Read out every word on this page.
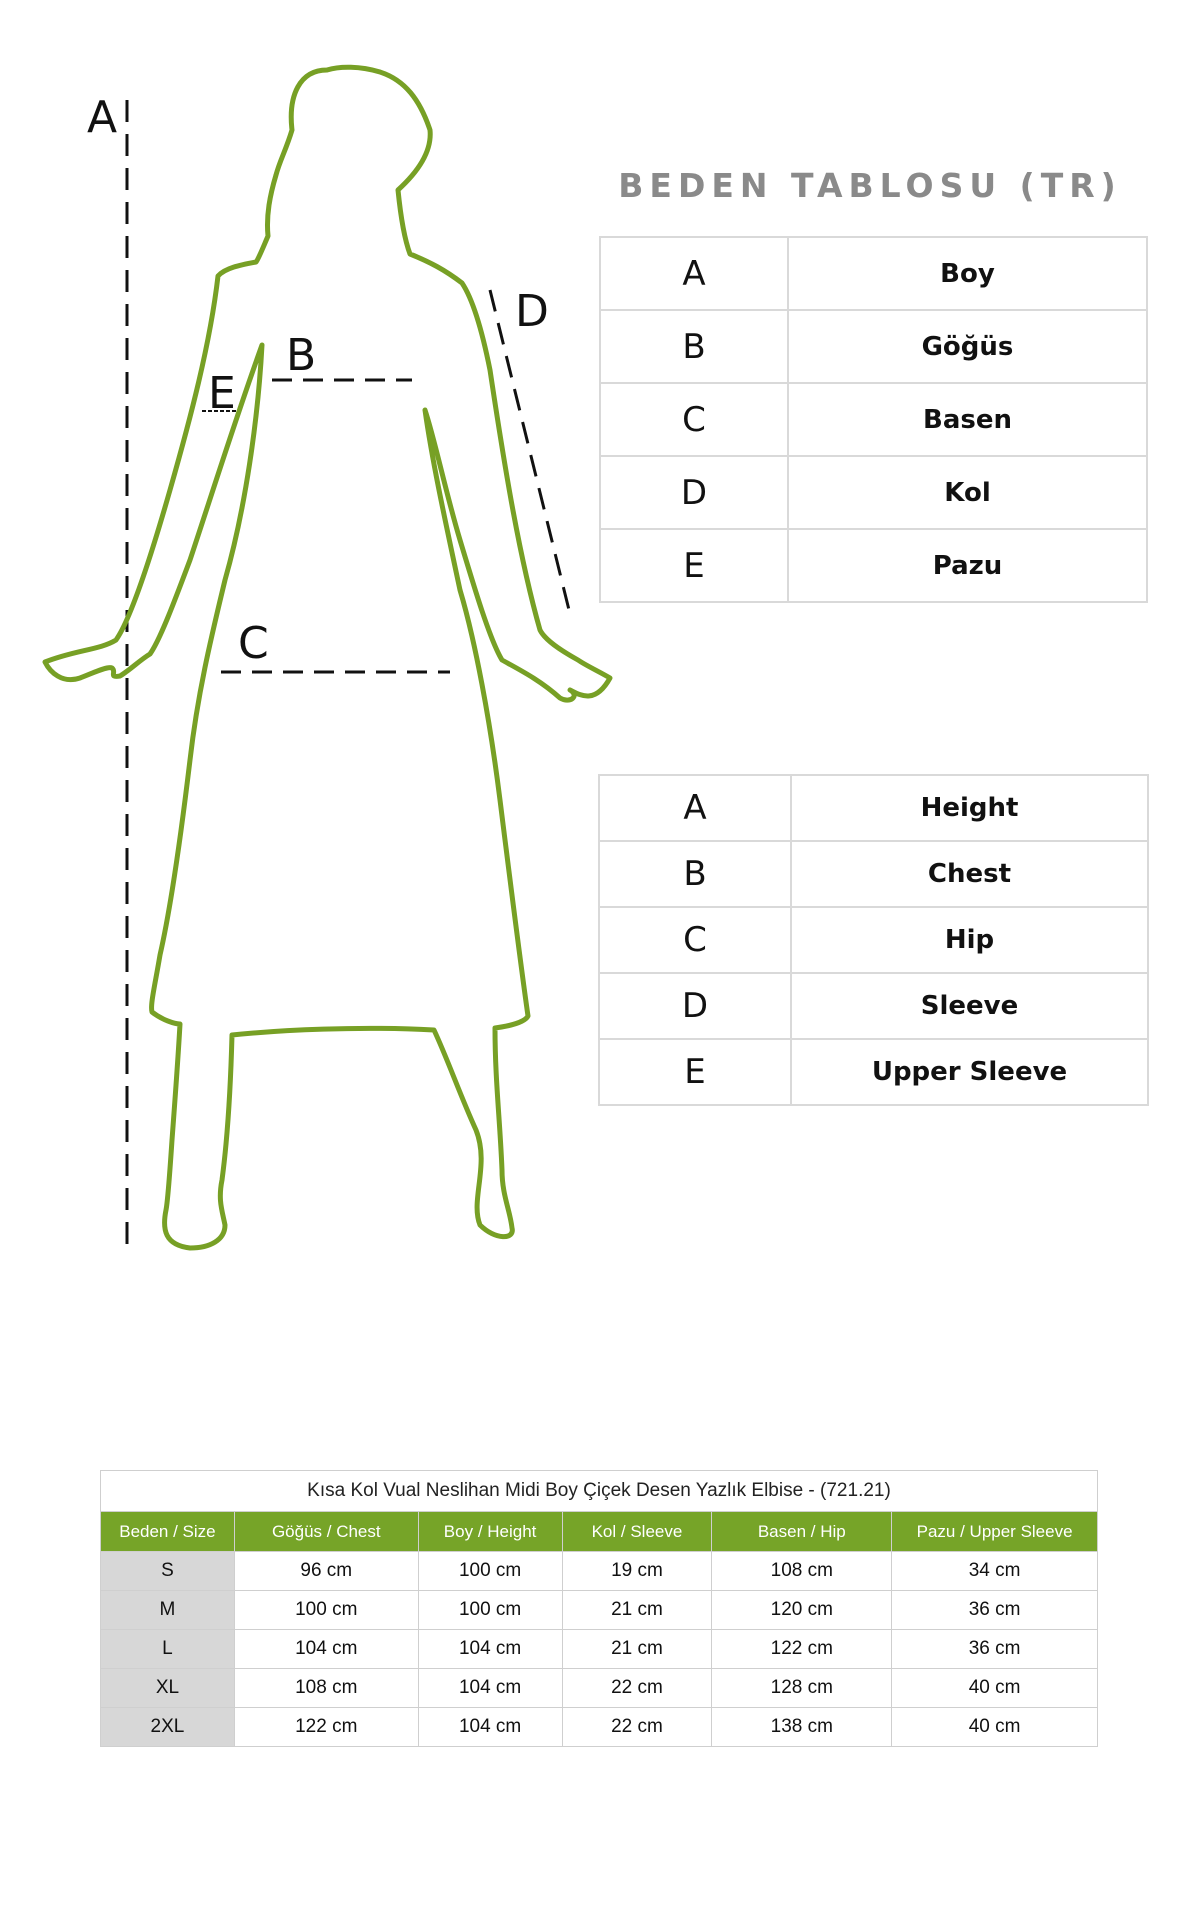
A
B
C
D
E
BEDEN TABLOSU (TR)
A	Boy
B	Göğüs
C	Basen
D	Kol
E	Pazu
A	Height
B	Chest
C	Hip
D	Sleeve
E	Upper Sleeve
Kısa Kol Vual Neslihan Midi Boy Çiçek Desen Yazlık Elbise - (721.21)					
Beden / Size	Göğüs / Chest	Boy / Height	Kol / Sleeve	Basen / Hip	Pazu / Upper Sleeve
S	96 cm	100 cm	19 cm	108 cm	34 cm
M	100 cm	100 cm	21 cm	120 cm	36 cm
L	104 cm	104 cm	21 cm	122 cm	36 cm
XL	108 cm	104 cm	22 cm	128 cm	40 cm
2XL	122 cm	104 cm	22 cm	138 cm	40 cm
